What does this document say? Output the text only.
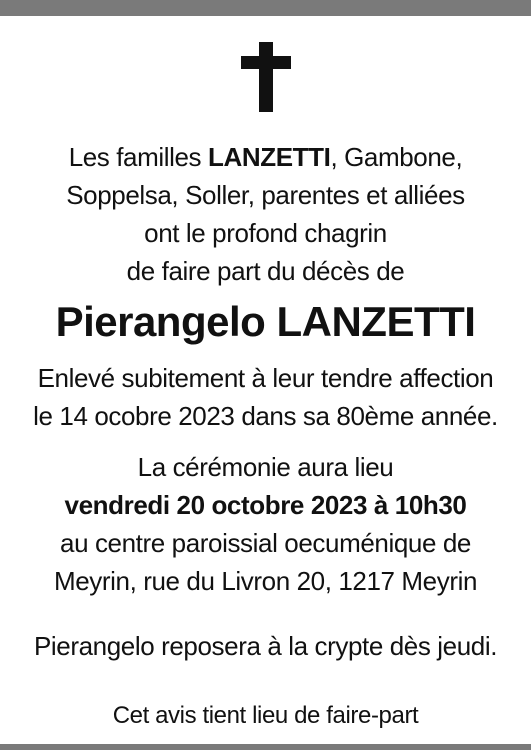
Les familles LANZETTI, Gambone,
Soppelsa, Soller, parentes et alliées
ont le profond chagrin
de faire part du décès de
Pierangelo LANZETTI
Enlevé subitement à leur tendre affection
le 14 ocobre 2023 dans sa 80ème année.
La cérémonie aura lieu
vendredi 20 octobre 2023 à 10h30
au centre paroissial oecuménique de
Meyrin, rue du Livron 20, 1217 Meyrin
Pierangelo reposera à la crypte dès jeudi.
Cet avis tient lieu de faire-part
